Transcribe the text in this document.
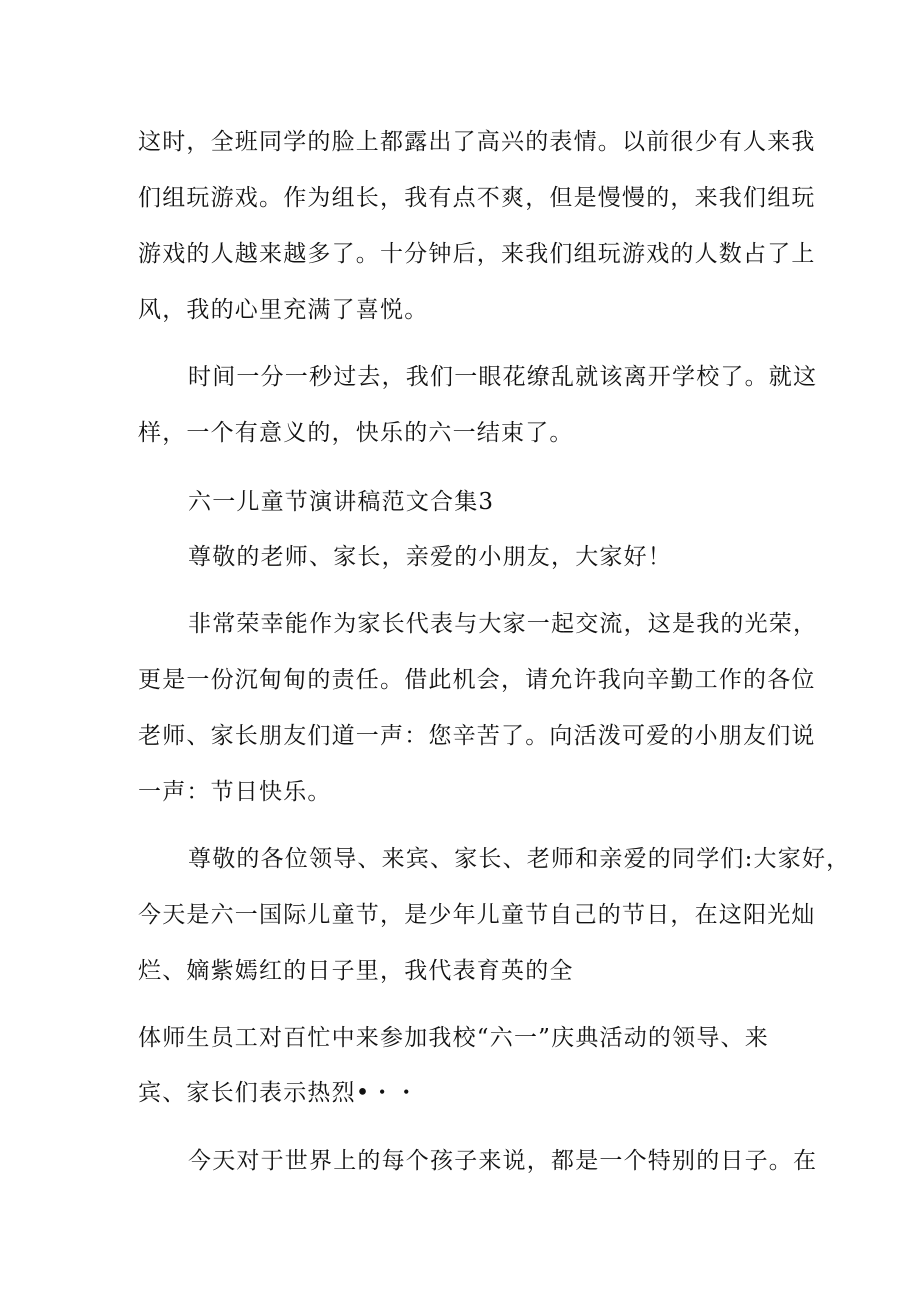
这时，全班同学的脸上都露出了高兴的表情。以前很少有人来我
们组玩游戏。作为组长，我有点不爽，但是慢慢的，来我们组玩
游戏的人越来越多了。十分钟后，来我们组玩游戏的人数占了上
风，我的心里充满了喜悦。
时间一分一秒过去，我们一眼花缭乱就该离开学校了。就这
样，一个有意义的，快乐的六一结束了。
六一儿童节演讲稿范文合集3
尊敬的老师、家长，亲爱的小朋友，大家好！
非常荣幸能作为家长代表与大家一起交流，这是我的光荣，
更是一份沉甸甸的责任。借此机会，请允许我向辛勤工作的各位
老师、家长朋友们道一声：您辛苦了。向活泼可爱的小朋友们说
一声：节日快乐。
尊敬的各位领导、来宾、家长、老师和亲爱的同学们:大家好，
今天是六一国际儿童节，是少年儿童节自己的节日，在这阳光灿
烂、嫡紫嫣红的日子里，我代表育英的全
体师生员工对百忙中来参加我校“六一”庆典活动的领导、来
宾、家长们表示热烈•・・
今天对于世界上的每个孩子来说，都是一个特别的日子。在
